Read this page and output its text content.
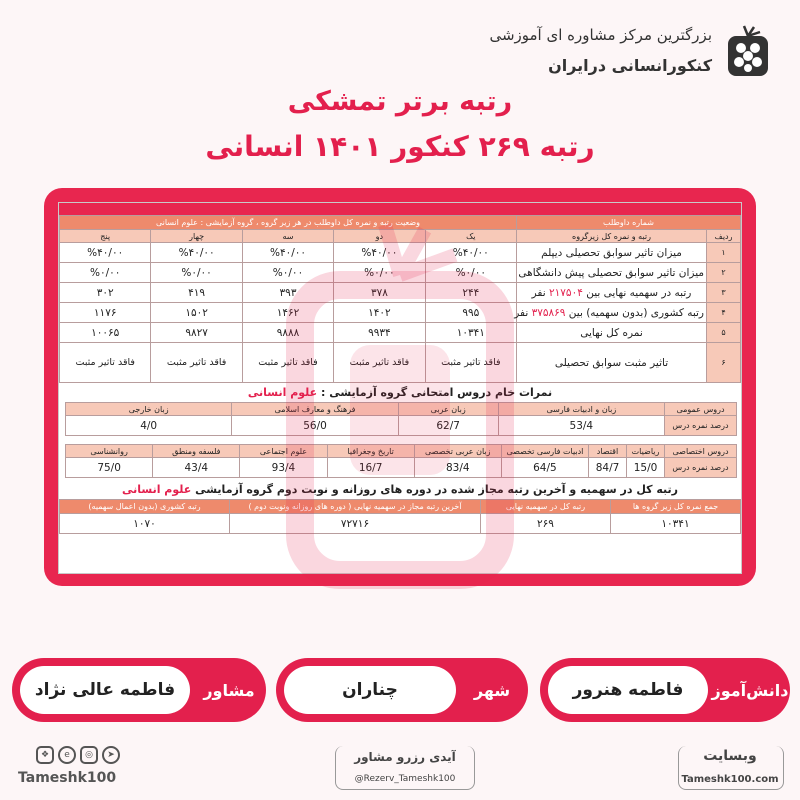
بزرگترین مرکز مشاوره ای آموزشی
کنکورانسانی درایران
رتبه برتر تمشکی
رتبه ۲۶۹ کنکور ۱۴۰۱ انسانی
شماره داوطلب		وضعیت رتبه و نمره کل داوطلب در هر زیر گروه ، گروه آزمایشی : علوم انسانی				
ردیف	رتبه و نمره کل زیرگروه	یک	دو	سه	چهار	پنج
۱	میزان تاثیر سوابق تحصیلی دیپلم	%۴۰/۰۰	%۴۰/۰۰	%۴۰/۰۰	%۴۰/۰۰	%۴۰/۰۰
۲	میزان تاثیر سوابق تحصیلی پیش دانشگاهی	%۰/۰۰	%۰/۰۰	%۰/۰۰	%۰/۰۰	%۰/۰۰
۳	رتبه در سهمیه نهایی بین ۲۱۷۵۰۴ نفر	۲۴۴	۳۷۸	۳۹۳	۴۱۹	۳۰۲
۴	رتبه کشوری (بدون سهمیه) بین ۳۷۵۸۶۹ نفر	۹۹۵	۱۴۰۲	۱۴۶۲	۱۵۰۲	۱۱۷۶
۵	نمره کل نهایی	۱۰۳۴۱	۹۹۳۴	۹۸۸۸	۹۸۲۷	۱۰۰۶۵
۶	تاثیر مثبت سوابق تحصیلی	فاقد تاثیر مثبت	فاقد تاثیر مثبت	فاقد تاثیر مثبت	فاقد تاثیر مثبت	فاقد تاثیر مثبت
نمرات خام دروس امتحانی گروه آزمایشی : علوم انسانی
دروس عمومی	زبان و ادبیات فارسی	زبان عربی	فرهنگ و معارف اسلامی	زبان خارجی
درصد نمره درس	53/4	62/7	56/0	4/0
دروس اختصاصی	ریاضیات	اقتصاد	ادبیات فارسی تخصصی	زبان عربی تخصصی	تاریخ وجغرافیا	علوم اجتماعی	فلسفه ومنطق	روانشناسی
درصد نمره درس	15/0	84/7	64/5	83/4	16/7	93/4	43/4	75/0
رتبه کل در سهمیه و آخرین رتبه مجاز شده در دوره های روزانه و نوبت دوم گروه آزمایشی علوم انسانی
جمع نمره کل زیر گروه ها	رتبه کل در سهمیه نهایی	آخرین رتبه مجاز در سهمیه نهایی ( دوره های روزانه ونوبت دوم )	رتبه کشوری (بدون اعمال سهمیه)
۱۰۳۴۱	۲۶۹	۷۲۷۱۶	۱۰۷۰
فاطمه هنرور	دانش‌آموز
چناران	شهر
فاطمه عالی نژاد	مشاور
❖	e	◎	➤
Tameshk100
آیدی رزرو مشاور
@Rezerv_Tameshk100
وبسایت
Tameshk100.com
